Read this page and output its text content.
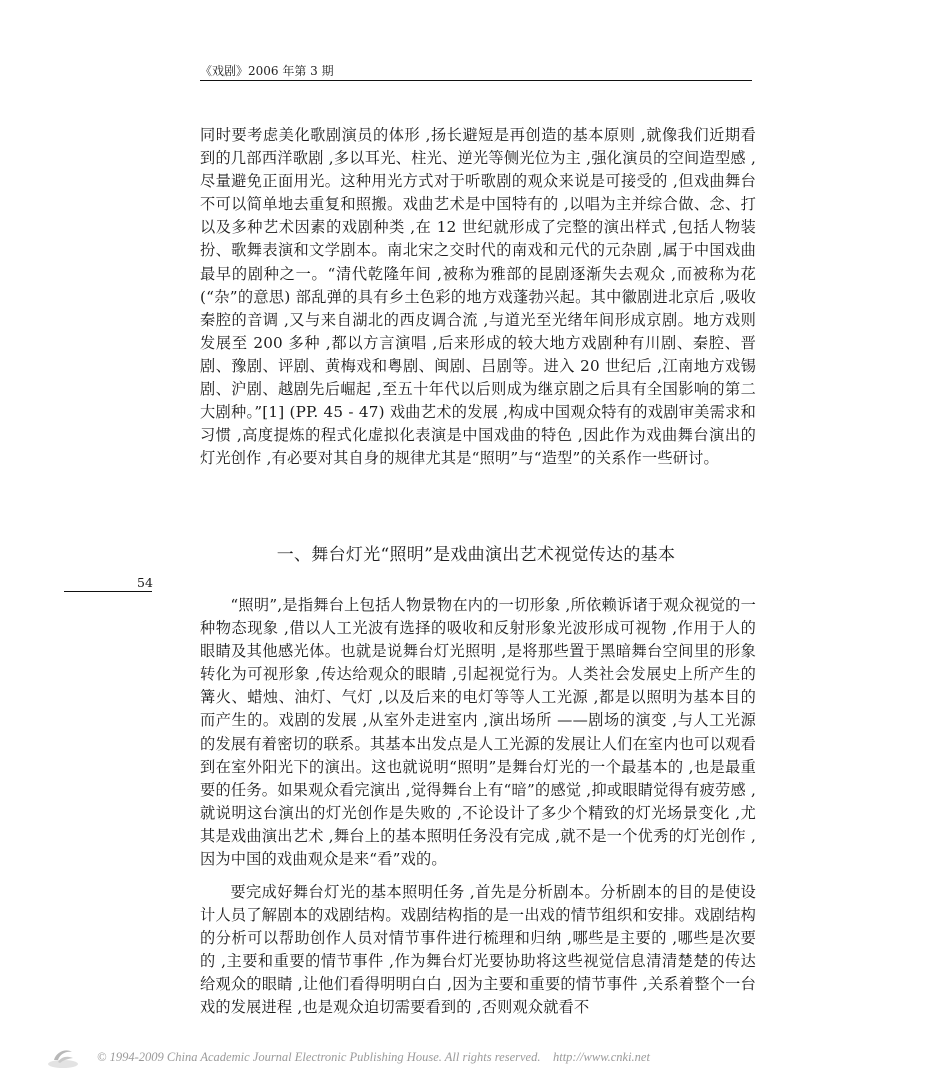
《戏剧》2006 年第 3 期

同时要考虑美化歌剧演员的体形 ,扬长避短是再创造的基本原则 ,就像我们近期看到的几部西洋歌剧 ,多以耳光、柱光、逆光等侧光位为主 ,强化演员的空间造型感 ,尽量避免正面用光。这种用光方式对于听歌剧的观众来说是可接受的 ,但戏曲舞台不可以简单地去重复和照搬。戏曲艺术是中国特有的 ,以唱为主并综合做、念、打以及多种艺术因素的戏剧种类 ,在 12 世纪就形成了完整的演出样式 ,包括人物装扮、歌舞表演和文学剧本。南北宋之交时代的南戏和元代的元杂剧 ,属于中国戏曲最早的剧种之一。“清代乾隆年间 ,被称为雅部的昆剧逐渐失去观众 ,而被称为花(“杂”的意思) 部乱弹的具有乡土色彩的地方戏蓬勃兴起。其中徽剧进北京后 ,吸收秦腔的音调 ,又与来自湖北的西皮调合流 ,与道光至光绪年间形成京剧。地方戏则发展至 200 多种 ,都以方言演唱 ,后来形成的较大地方戏剧种有川剧、秦腔、晋剧、豫剧、评剧、黄梅戏和粤剧、闽剧、吕剧等。进入 20 世纪后 ,江南地方戏锡剧、沪剧、越剧先后崛起 ,至五十年代以后则成为继京剧之后具有全国影响的第二大剧种。”[1] (PP. 45 - 47) 戏曲艺术的发展 ,构成中国观众特有的戏剧审美需求和习惯 ,高度提炼的程式化虚拟化表演是中国戏曲的特色 ,因此作为戏曲舞台演出的灯光创作 ,有必要对其自身的规律尤其是“照明”与“造型”的关系作一些研讨。

一、舞台灯光“照明”是戏曲演出艺术视觉传达的基本
54

“照明”,是指舞台上包括人物景物在内的一切形象 ,所依赖诉诸于观众视觉的一种物态现象 ,借以人工光波有选择的吸收和反射形象光波形成可视物 ,作用于人的眼睛及其他感光体。也就是说舞台灯光照明 ,是将那些置于黑暗舞台空间里的形象转化为可视形象 ,传达给观众的眼睛 ,引起视觉行为。人类社会发展史上所产生的篝火、蜡烛、油灯、气灯 ,以及后来的电灯等等人工光源 ,都是以照明为基本目的而产生的。戏剧的发展 ,从室外走进室内 ,演出场所 ——剧场的演变 ,与人工光源的发展有着密切的联系。其基本出发点是人工光源的发展让人们在室内也可以观看到在室外阳光下的演出。这也就说明“照明”是舞台灯光的一个最基本的 ,也是最重要的任务。如果观众看完演出 ,觉得舞台上有“暗”的感觉 ,抑或眼睛觉得有疲劳感 ,就说明这台演出的灯光创作是失败的 ,不论设计了多少个精致的灯光场景变化 ,尤其是戏曲演出艺术 ,舞台上的基本照明任务没有完成 ,就不是一个优秀的灯光创作 ,因为中国的戏曲观众是来“看”戏的。

要完成好舞台灯光的基本照明任务 ,首先是分析剧本。分析剧本的目的是使设计人员了解剧本的戏剧结构。戏剧结构指的是一出戏的情节组织和安排。戏剧结构的分析可以帮助创作人员对情节事件进行梳理和归纳 ,哪些是主要的 ,哪些是次要的 ,主要和重要的情节事件 ,作为舞台灯光要协助将这些视觉信息清清楚楚的传达给观众的眼睛 ,让他们看得明明白白 ,因为主要和重要的情节事件 ,关系着整个一台戏的发展进程 ,也是观众迫切需要看到的 ,否则观众就看不

© 1994-2009 China Academic Journal Electronic Publishing House. All rights reserved.    http://www.cnki.net
